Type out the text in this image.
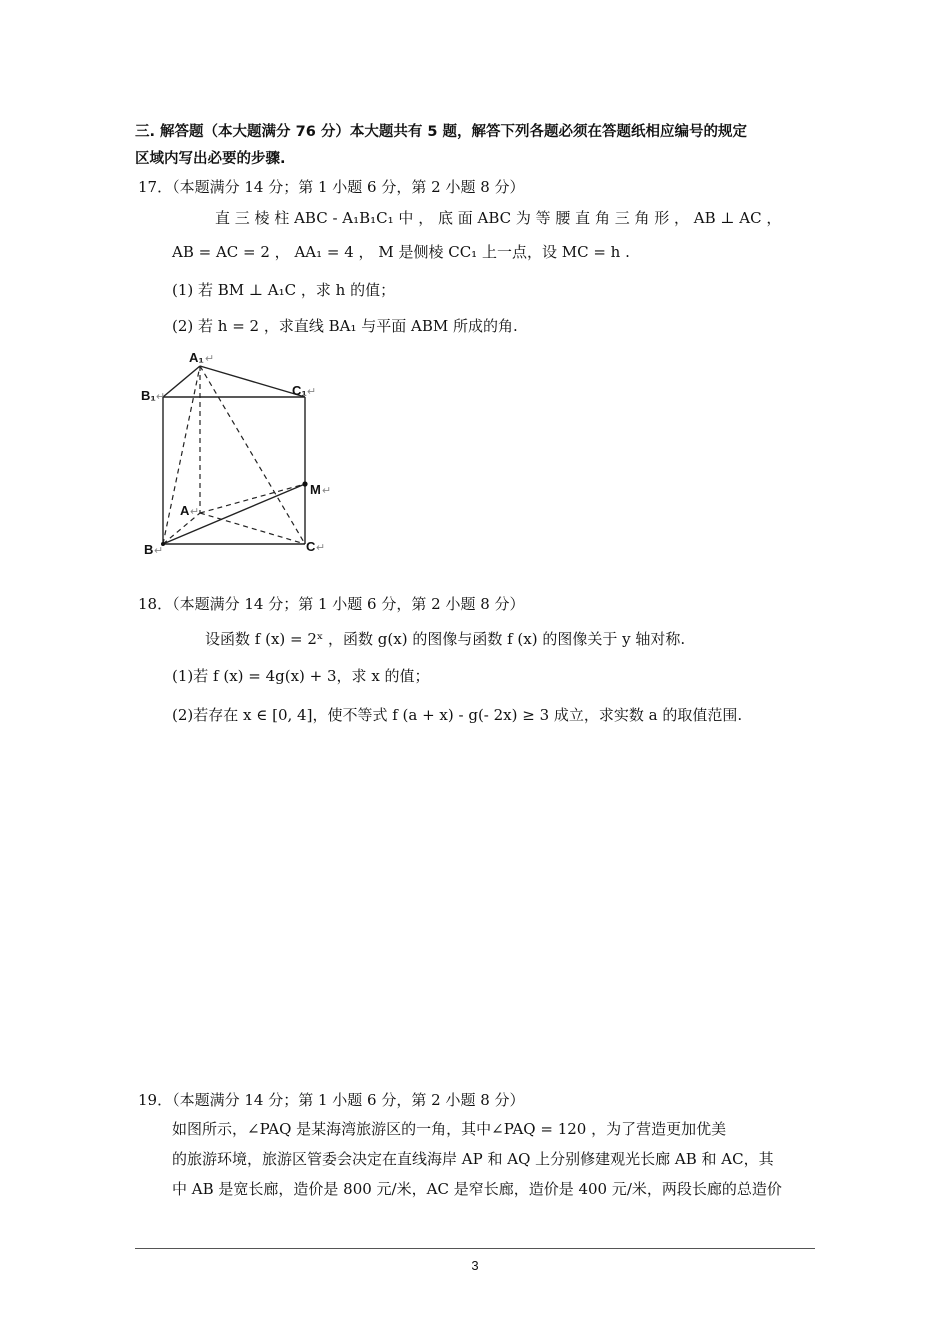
三. 解答题（本大题满分 76 分）本大题共有 5 题，解答下列各题必须在答题纸相应编号的规定
区域内写出必要的步骤.
17．（本题满分 14 分；第 1 小题 6 分，第 2 小题 8 分）
直 三 棱 柱 ABC - A₁B₁C₁ 中 ， 底 面 ABC 为 等 腰 直 角 三 角 形 ， AB ⊥ AC ，
AB = AC = 2 ， AA₁ = 4 ， M 是侧棱 CC₁ 上一点，设 MC = h .
(1) 若 BM ⊥ A₁C ，求 h 的值；
(2) 若 h = 2 ，求直线 BA₁ 与平面 ABM 所成的角.
A₁ ↵
B₁ ↵	C₁ ↵
M ↵
A ↵
B ↵	C ↵
18．（本题满分 14 分；第 1 小题 6 分，第 2 小题 8 分）
设函数 f (x) = 2ˣ ，函数 g(x) 的图像与函数 f (x) 的图像关于 y 轴对称.
(1)若 f (x) = 4g(x) + 3，求 x 的值；
(2)若存在 x ∈ [0, 4]，使不等式 f (a + x) - g(- 2x) ≥ 3 成立，求实数 a 的取值范围.
19．（本题满分 14 分；第 1 小题 6 分，第 2 小题 8 分）
如图所示，∠PAQ 是某海湾旅游区的一角，其中∠PAQ = 120 ，为了营造更加优美
的旅游环境，旅游区管委会决定在直线海岸 AP 和 AQ 上分别修建观光长廊 AB 和 AC，其
中 AB 是宽长廊，造价是 800 元/米，AC 是窄长廊，造价是 400 元/米，两段长廊的总造价
3
